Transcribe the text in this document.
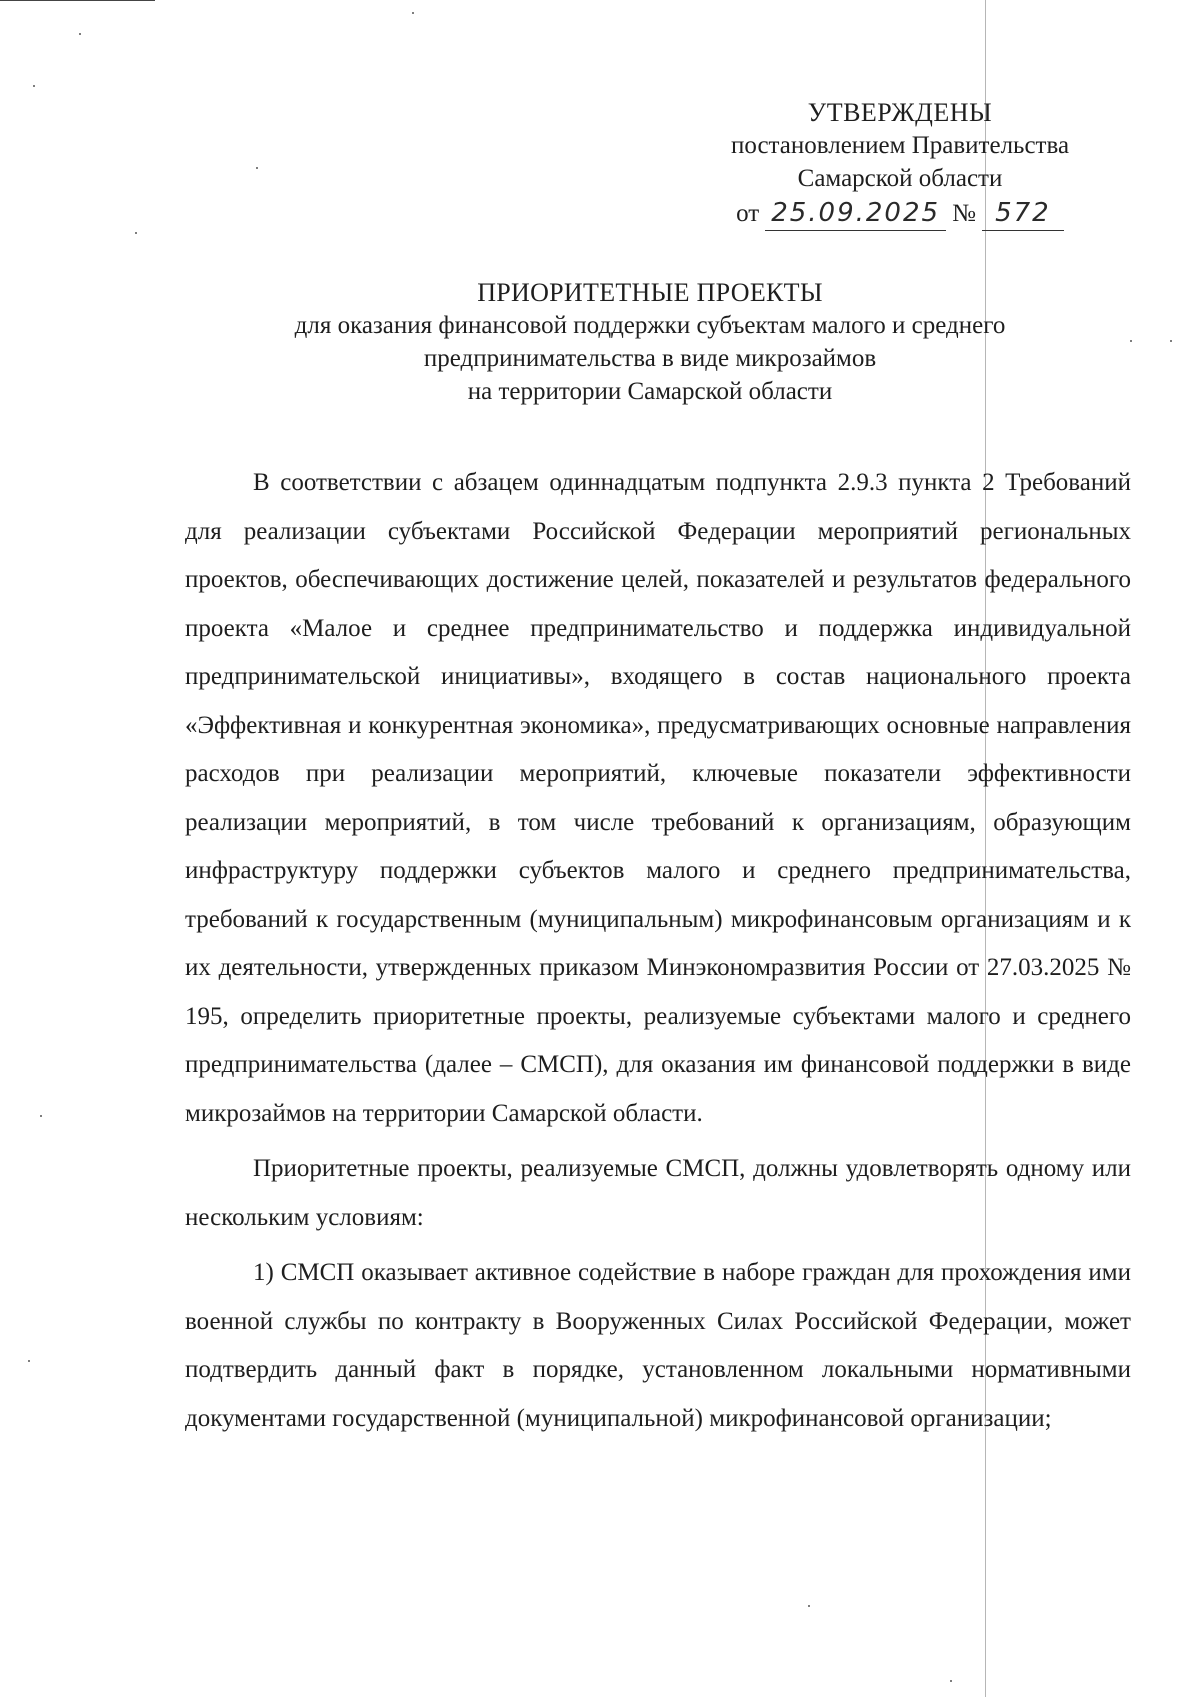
УТВЕРЖДЕНЫ
постановлением Правительства
Самарской области
от 25.09.2025 № 572
ПРИОРИТЕТНЫЕ ПРОЕКТЫ
для оказания финансовой поддержки субъектам малого и среднего
предпринимательства в виде микрозаймов
на территории Самарской области

В соответствии с абзацем одиннадцатым подпункта 2.9.3 пункта 2 Требований для реализации субъектами Российской Федерации мероприятий региональных проектов, обеспечивающих достижение целей, показателей и результатов федерального проекта «Малое и среднее предпринимательство и поддержка индивидуальной предпринимательской инициативы», входящего в состав национального проекта «Эффективная и конкурентная экономика», предусматривающих основные направления расходов при реализации мероприятий, ключевые показатели эффективности реализации мероприятий, в том числе требований к организациям, образующим инфраструктуру поддержки субъектов малого и среднего предпринимательства, требований к государственным (муниципальным) микрофинансовым организациям и к их деятельности, утвержденных приказом Минэкономразвития России от 27.03.2025 № 195, определить приоритетные проекты, реализуемые субъектами малого и среднего предпринимательства (далее – СМСП), для оказания им финансовой поддержки в виде микрозаймов на территории Самарской области.

Приоритетные проекты, реализуемые СМСП, должны удовлетворять одному или нескольким условиям:

1) СМСП оказывает активное содействие в наборе граждан для прохождения ими военной службы по контракту в Вооруженных Силах Российской Федерации, может подтвердить данный факт в порядке, установленном локальными нормативными документами государственной (муниципальной) микрофинансовой организации;
